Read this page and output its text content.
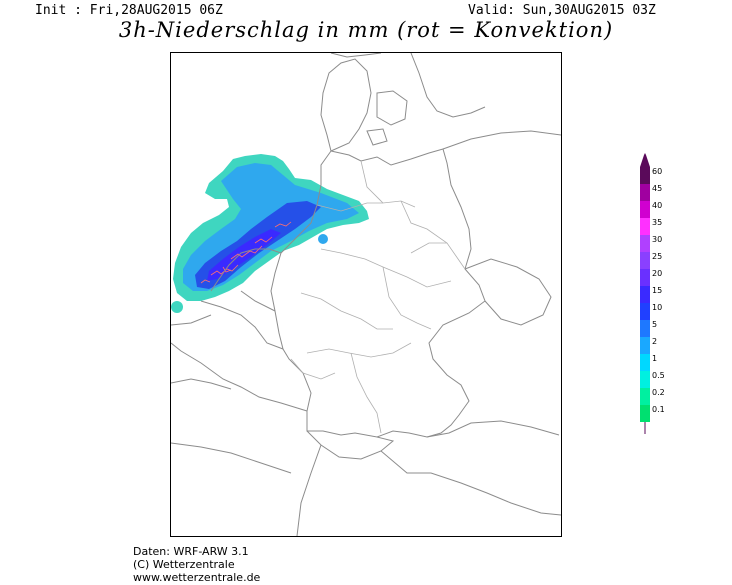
Init : Fri,28AUG2015 06Z	Valid: Sun,30AUG2015 03Z
3h-Niederschlag in mm (rot = Konvektion)
60
45
40
35
30
25
20
15
10
5
2
1
0.5
0.2
0.1
Daten: WRF-ARW 3.1
(C) Wetterzentrale
www.wetterzentrale.de
